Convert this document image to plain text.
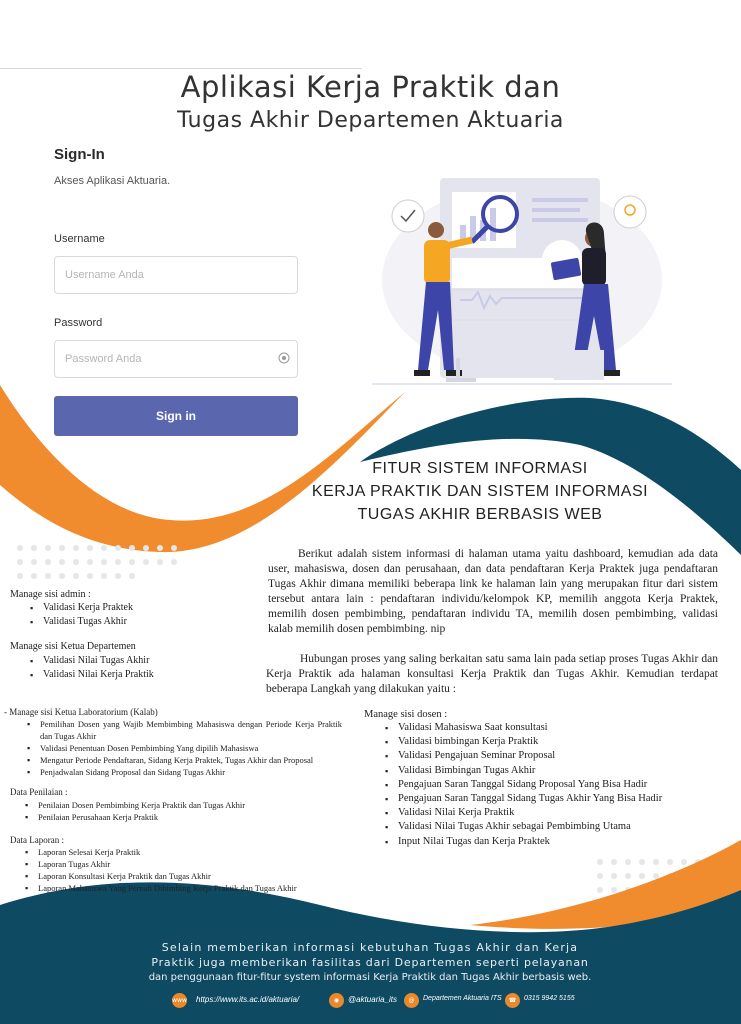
Aplikasi Kerja Praktik dan
Tugas Akhir Departemen Aktuaria
Sign-In
Akses Aplikasi Aktuaria.
Username
Username Anda
Password
Sign in
FITUR SISTEM INFORMASI
KERJA PRAKTIK DAN SISTEM INFORMASI
TUGAS AKHIR BERBASIS WEB
Berikut adalah sistem informasi di halaman utama yaitu dashboard, kemudian ada data user, mahasiswa, dosen dan perusahaan, dan data pendaftaran Kerja Praktek juga pendaftaran Tugas Akhir dimana memiliki beberapa link ke halaman lain yang merupakan fitur dari sistem tersebut antara lain : pendaftaran individu/kelompok KP, memilih anggota Kerja Praktek, memilih dosen pembimbing, pendaftaran individu TA, memilih dosen pembimbing, validasi kalab memilih dosen pembimbing. nip
Hubungan proses yang saling berkaitan satu sama lain pada setiap proses Tugas Akhir dan Kerja Praktik ada halaman konsultasi Kerja Praktik dan Tugas Akhir. Kemudian terdapat beberapa Langkah yang dilakukan yaitu :
Manage sisi admin :
▪ Validasi Kerja Praktek
▪ Validasi Tugas Akhir
Manage sisi Ketua Departemen
▪ Validasi Nilai Tugas Akhir
▪ Validasi Nilai Kerja Praktik
- Manage sisi Ketua Laboratorium (Kalab)
▪ Pemilihan Dosen yang Wajib Membimbing Mahasiswa dengan Periode Kerja Praktik dan Tugas Akhir
▪ Validasi Penentuan Dosen Pembimbing Yang dipilih Mahasiswa
▪ Mengatur Periode Pendaftaran, Sidang Kerja Praktek, Tugas Akhir dan Proposal
▪ Penjadwalan Sidang Proposal dan Sidang Tugas Akhir
Data Penilaian :
▪ Penilaian Dosen Pembimbing Kerja Praktik dan Tugas Akhir
▪ Penilaian Perusahaan Kerja Praktik
Data Laporan :
▪ Laporan Selesai Kerja Praktik
▪ Laporan Tugas Akhir
▪ Laporan Konsultasi Kerja Praktik dan Tugas Akhir
▪ Laporan Mahasiswa Yang Pernah Dibimbing Kerja Praktik dan Tugas Akhir
Manage sisi dosen :
▪ Validasi Mahasiswa Saat konsultasi
▪ Validasi bimbingan Kerja Praktik
▪ Validasi Pengajuan Seminar Proposal
▪ Validasi Bimbingan Tugas Akhir
▪ Pengajuan Saran Tanggal Sidang Proposal Yang Bisa Hadir
▪ Pengajuan Saran Tanggal Sidang Tugas Akhir Yang Bisa Hadir
▪ Validasi Nilai Kerja Praktik
▪ Validasi Nilai Tugas Akhir sebagai Pembimbing Utama
▪ Input Nilai Tugas dan Kerja Praktek
Selain memberikan informasi kebutuhan Tugas Akhir dan Kerja
Praktik juga memberikan fasilitas dari Departemen seperti pelayanan
dan penggunaan fitur-fitur system informasi Kerja Praktik dan Tugas Akhir berbasis web.
www https://www.its.ac.id/aktuaria/	◉	@aktuaria_its	@	Departemen Aktuaria ITS	☎	0315 9942 5155
